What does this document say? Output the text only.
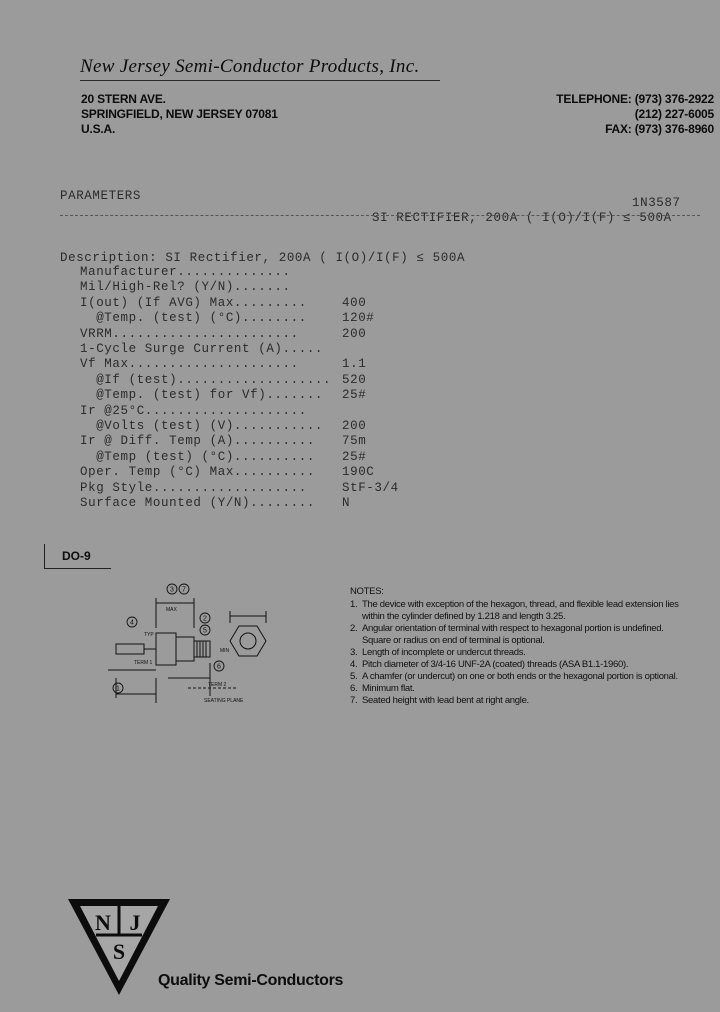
New Jersey Semi-Conductor Products, Inc.
20 STERN AVE.
SPRINGFIELD, NEW JERSEY 07081
U.S.A.
TELEPHONE: (973) 376-2922
(212) 227-6005
FAX: (973) 376-8960
PARAMETERS	1N3587
SI RECTIFIER, 200A ( I(O)/I(F) ≤ 500A
Description: SI Rectifier, 200A ( I(O)/I(F) ≤ 500A
Manufacturer..............
Mil/High-Rel? (Y/N).......
I(out) (If AVG) Max.........	400
@Temp. (test) (°C)........	120#
VRRM.......................	200
1-Cycle Surge Current (A).....
Vf Max.....................	1.1
@If (test)................... 520
@Temp. (test) for Vf)....... 25#
Ir @25°C....................
@Volts (test) (V)........... 200
Ir @ Diff. Temp (A).......... 75m
@Temp (test) (°C).......... 25#
Oper. Temp (°C) Max.......... 190C
Pkg Style...................	StF-3/4
Surface Mounted (Y/N)........ N
DO-9
3 7
4
2
5
1
6
TERM 2
TERM 1
SEATING PLANE
MAX
MIN
TYP
NOTES:
1. The device with exception of the hexagon, thread, and flexible lead extension lies within the cylinder defined by 1.218 and length 3.25.
2. Angular orientation of terminal with respect to hexagonal portion is undefined. Square or radius on end of terminal is optional.
3. Length of incomplete or undercut threads.
4. Pitch diameter of 3/4-16 UNF-2A (coated) threads (ASA B1.1-1960).
5. A chamfer (or undercut) on one or both ends or the hexagonal portion is optional.
6. Minimum flat.
7. Seated height with lead bent at right angle.
N J
S
Quality Semi-Conductors
